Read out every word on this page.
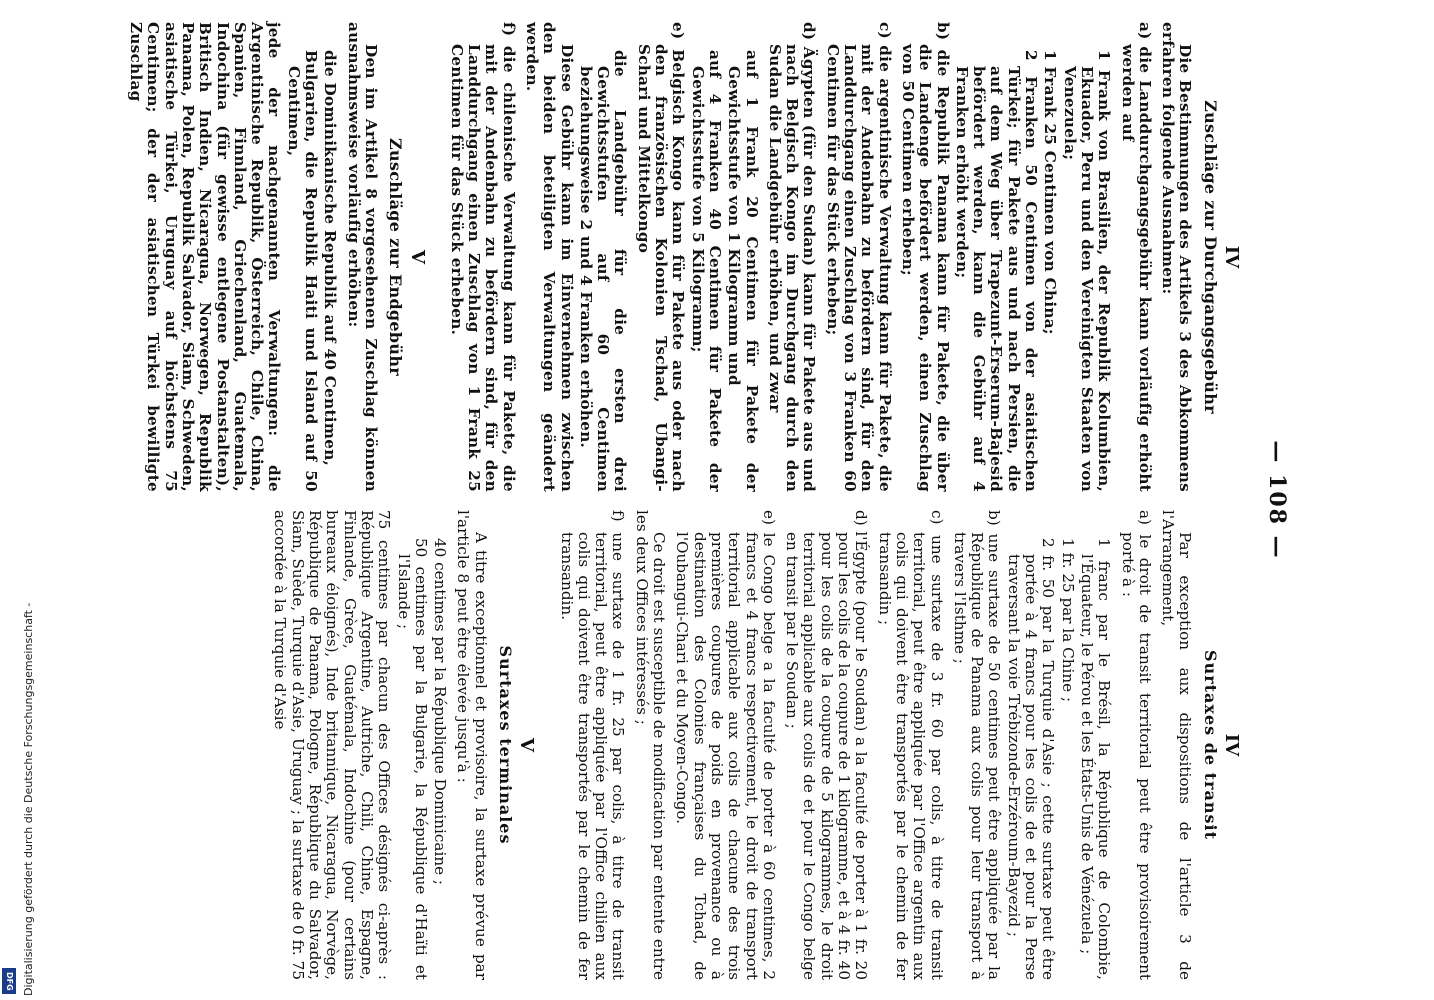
— 108 —
IV
Zuschläge zur Durchgangsgebühr

Die Bestimmungen des Artikels 3 des Abkommens erfahren folgende Ausnahmen:

a) die Landdurchgangsgebühr kann vorläufig erhöht werden auf

1 Frank von Brasilien, der Republik Kolumbien, Ekuador, Peru und den Vereinigten Staaten von Venezuela;

1 Frank 25 Centimen von China;

2 Franken 50 Centimen von der asiatischen Türkei; für Pakete aus und nach Persien, die auf dem Weg über Trapezunt-Erserum-Bajesid befördert werden, kann die Gebühr auf 4 Franken erhöht werden;

b) die Republik Panama kann für Pakete, die über die Landenge befördert werden, einen Zuschlag von 50 Centimen erheben;

c) die argentinische Verwaltung kann für Pakete, die mit der Andenbahn zu befördern sind, für den Landdurchgang einen Zuschlag von 3 Franken 60 Centimen für das Stück erheben;

d) Ägypten (für den Sudan) kann für Pakete aus und nach Belgisch Kongo im Durchgang durch den Sudan die Landgebühr erhöhen, und zwar

auf 1 Frank 20 Centimen für Pakete der Gewichtsstufe von 1 Kilogramm und

auf 4 Franken 40 Centimen für Pakete der Gewichtsstufe von 5 Kilogramm;

e) Belgisch Kongo kann für Pakete aus oder nach den französischen Kolonien Tschad, Ubangi-Schari und Mittelkongo

die Landgebühr für die ersten drei Gewichtsstufen auf 60 Centimen beziehungsweise 2 und 4 Franken erhöhen.

Diese Gebühr kann im Einvernehmen zwischen den beiden beteiligten Verwaltungen geändert werden.

f) die chilenische Verwaltung kann für Pakete, die mit der Andenbahn zu befördern sind, für den Landdurchgang einen Zuschlag von 1 Frank 25 Centimen für das Stück erheben.

V
Zuschläge zur Endgebühr

Den im Artikel 8 vorgesehenen Zuschlag können ausnahmsweise vorläufig erhöhen:

die Dominikanische Republik auf 40 Centimen,

Bulgarien, die Republik Haiti und Island auf 50 Centimen,

jede der nachgenannten Verwaltungen: die Argentinische Republik, Österreich, Chile, China, Spanien, Finnland, Griechenland, Guatemala, Indochina (für gewisse entlegene Postanstalten), Britisch Indien, Nicaragua, Norwegen, Republik Panama, Polen, Republik Salvador, Siam, Schweden, asiatische Türkei, Uruguay auf höchstens 75 Centimen; der der asiatischen Türkei bewilligte Zuschlag

IV
Surtaxes de transit

Par exception aux dispositions de l'article 3 de l'Arrangement,

a) le droit de transit territorial peut être provisoirement porté à :

1 franc par le Brésil, la République de Colombie, l'Équateur, le Pérou et les États-Unis de Vénézuela ;

1 fr. 25 par la Chine ;

2 fr. 50 par la Turquie d'Asie ; cette surtaxe peut être portée à 4 francs pour les colis de et pour la Perse traversant la voie Trébizonde-Erzéroum-Bayezid ;

b) une surtaxe de 50 centimes peut être appliquée par la République de Panama aux colis pour leur transport à travers l'Isthme ;

c) une surtaxe de 3 fr. 60 par colis, à titre de transit territorial, peut être appliquée par l'Office argentin aux colis qui doivent être transportés par le chemin de fer transandin ;

d) l'Égypte (pour le Soudan) a la faculté de porter à 1 fr. 20 pour les colis de la coupure de 1 kilogramme, et à 4 fr. 40 pour les colis de la coupure de 5 kilogrammes, le droit territorial applicable aux colis de et pour le Congo belge en transit par le Soudan ;

e) le Congo belge a la faculté de porter à 60 centimes, 2 francs et 4 francs respectivement, le droit de transport territorial applicable aux colis de chacune des trois premières coupures de poids en provenance ou à destination des Colonies françaises du Tchad, de l'Oubangui-Chari et du Moyen-Congo.

Ce droit est susceptible de modification par entente entre les deux Offices intéressés ;

f) une surtaxe de 1 fr. 25 par colis, à titre de transit territorial, peut être appliquée par l'Office chilien aux colis qui doivent être transportés par le chemin de fer transandin.

V
Surtaxes terminales

A titre exceptionnel et provisoire, la surtaxe prévue par l'article 8 peut être élevée jusqu'à :

40 centimes par la République Dominicaine ;

50 centimes par la Bulgarie, la République d'Haïti et l'Islande ;

75 centimes par chacun des Offices désignés ci-après : République Argentine, Autriche, Chili, Chine, Espagne, Finlande, Grèce, Guatémala, Indochine (pour certains bureaux éloignés), Inde britannique, Nicaragua, Norvège, République de Panama, Pologne, République du Salvador, Siam, Suède, Turquie d'Asie, Uruguay ; la surtaxe de 0 fr. 75 accordée à la Turquie d'Asie

Digitalisierung gefördert durch die Deutsche Forschungsgemeinschaft -
DFG
